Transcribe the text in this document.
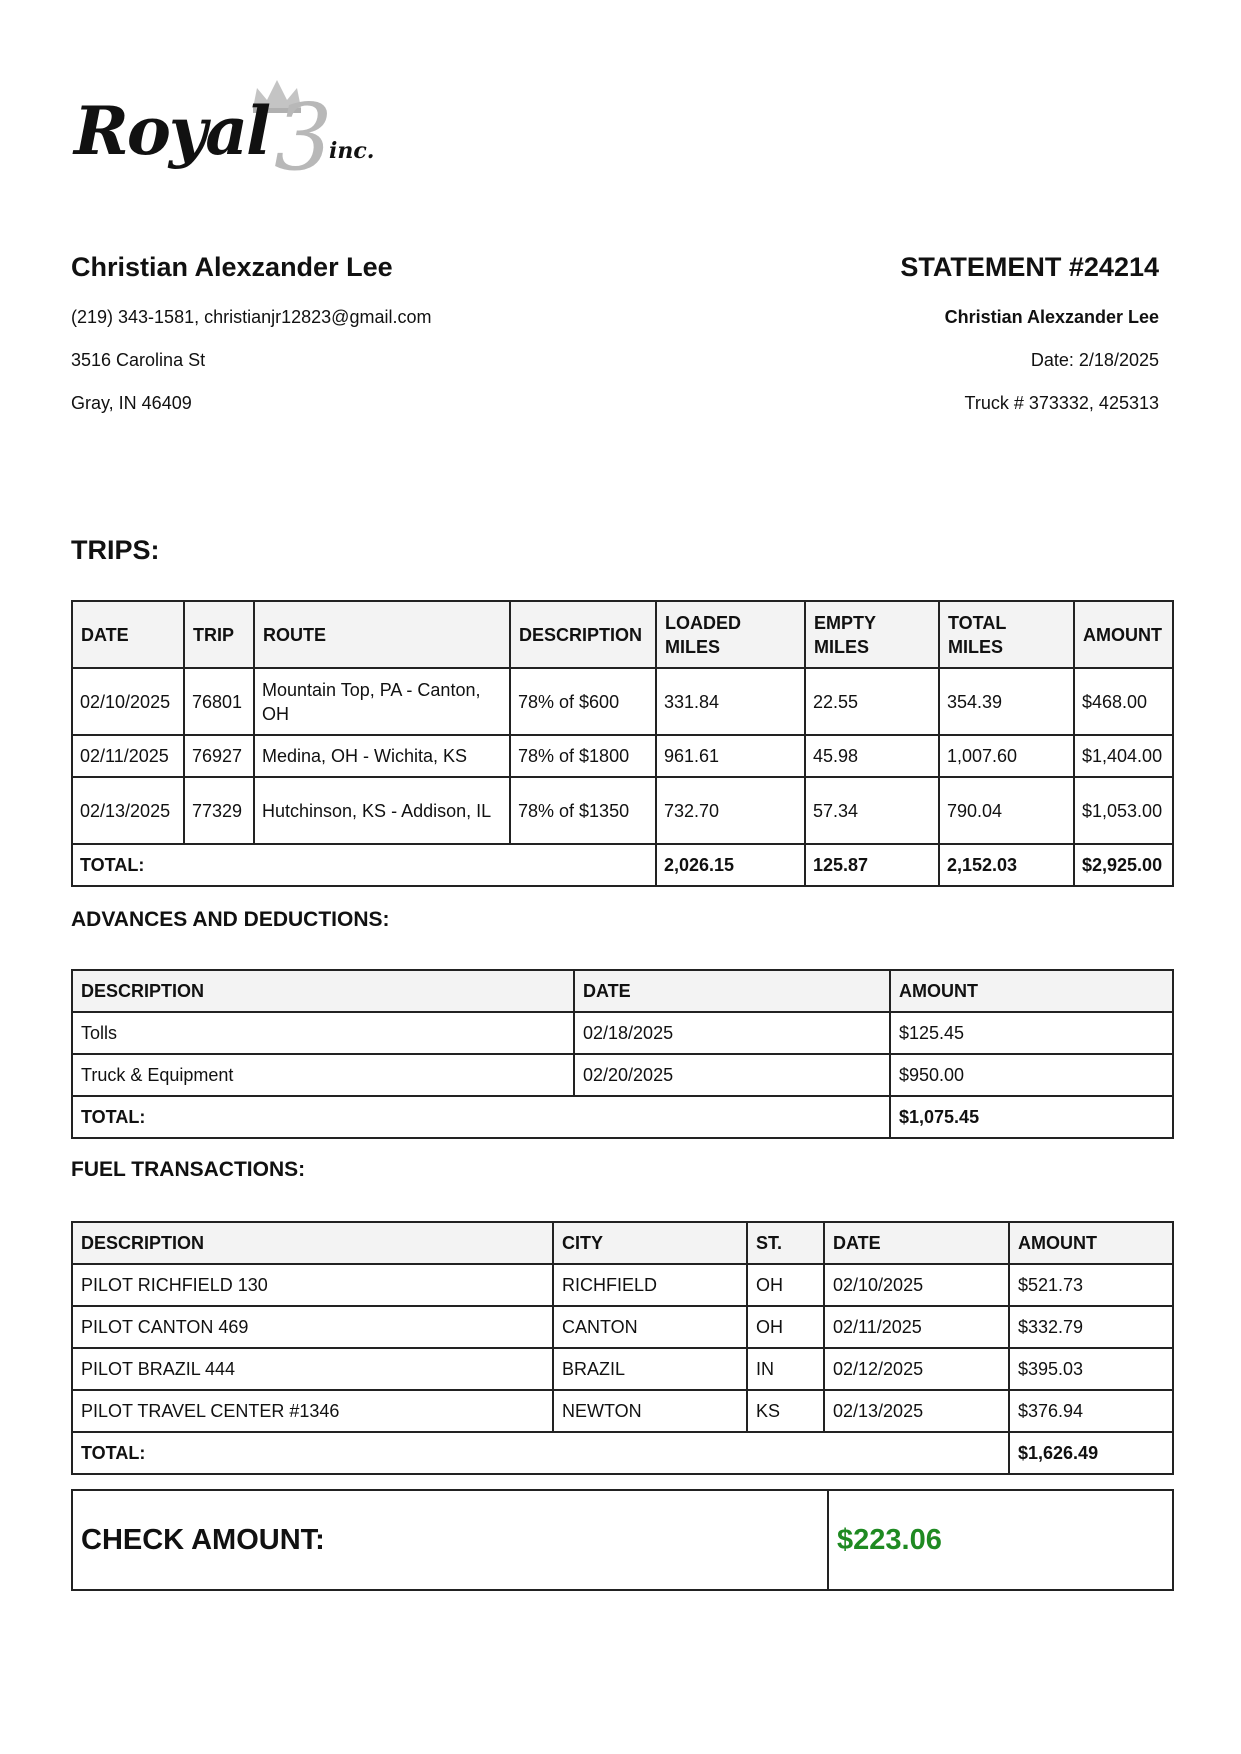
Royal 3
inc.
Christian Alexzander Lee
(219) 343-1581, christianjr12823@gmail.com
3516 Carolina St
Gray, IN 46409
STATEMENT #24214
Christian Alexzander Lee
Date: 2/18/2025
Truck # 373332, 425313
TRIPS:
DATE	TRIP	ROUTE	DESCRIPTION	LOADED MILES	EMPTY MILES	TOTAL MILES	AMOUNT
02/10/2025	76801	Mountain Top, PA - Canton, OH	78% of $600	331.84	22.55	354.39	$468.00
02/11/2025	76927	Medina, OH - Wichita, KS	78% of $1800	961.61	45.98	1,007.60	$1,404.00
02/13/2025	77329	Hutchinson, KS - Addison, IL	78% of $1350	732.70	57.34	790.04	$1,053.00
TOTAL:				2,026.15	125.87	2,152.03	$2,925.00
ADVANCES AND DEDUCTIONS:
DESCRIPTION	DATE	AMOUNT
Tolls	02/18/2025	$125.45
Truck & Equipment	02/20/2025	$950.00
TOTAL:		$1,075.45
FUEL TRANSACTIONS:
DESCRIPTION	CITY	ST.	DATE	AMOUNT
PILOT RICHFIELD 130	RICHFIELD	OH	02/10/2025	$521.73
PILOT CANTON 469	CANTON	OH	02/11/2025	$332.79
PILOT BRAZIL 444	BRAZIL	IN	02/12/2025	$395.03
PILOT TRAVEL CENTER #1346	NEWTON	KS	02/13/2025	$376.94
TOTAL:				$1,626.49
CHECK AMOUNT:	$223.06
